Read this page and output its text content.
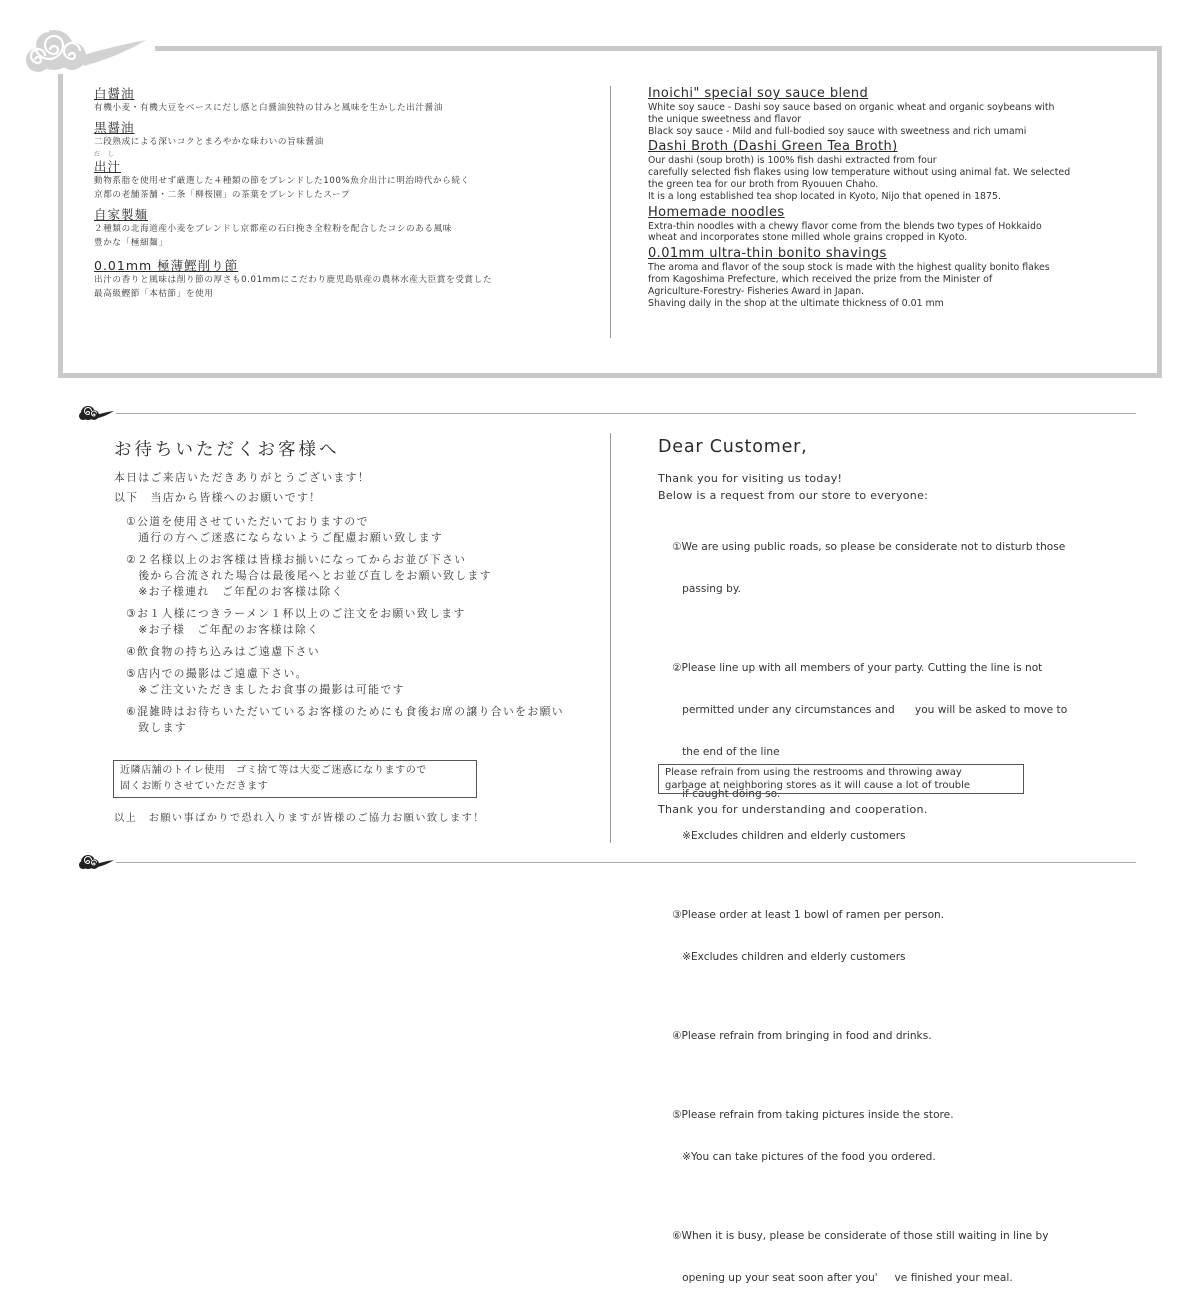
白醤油

有機小麦・有機大豆をベースにだし感と白醤油独特の甘みと風味を生かした出汁醤油

黒醤油

二段熟成による深いコクとまろやかな味わいの旨味醤油

だし

出汁

動物系脂を使用せず厳選した４種類の節をブレンドした100%魚介出汁に明治時代から続く

京都の老舗茶舗・二条「柳桜園」の茶葉をブレンドしたスープ

自家製麺

２種類の北海道産小麦をブレンドし京都産の石臼挽き全粒粉を配合したコシのある風味

豊かな「極細麺」

0.01mm 極薄鰹削り節

出汁の香りと風味は削り節の厚さも0.01mmにこだわり鹿児島県産の農林水産大臣賞を受賞した

最高級鰹節「本枯節」を使用

Inoichi" special soy sauce blend

White soy sauce - Dashi soy sauce based on organic wheat and organic soybeans with

the unique sweetness and flavor

Black soy sauce - Mild and full-bodied soy sauce with sweetness and rich umami

Dashi Broth (Dashi Green Tea Broth)

Our dashi (soup broth) is 100% fish dashi extracted from four

carefully selected fish flakes using low temperature without using animal fat. We selected

the green tea for our broth from Ryouuen Chaho.

It is a long established tea shop located in Kyoto, Nijo that opened in 1875.

Homemade noodles

Extra-thin noodles with a chewy flavor come from the blends two types of Hokkaido

wheat and incorporates stone milled whole grains cropped in Kyoto.

0.01mm ultra-thin bonito shavings

The aroma and flavor of the soup stock is made with the highest quality bonito flakes

from Kagoshima Prefecture, which received the prize from the Minister of

Agriculture-Forestry- Fisheries Award in Japan.

Shaving daily in the shop at the ultimate thickness of 0.01 mm

お待ちいただくお客様へ
本日はご来店いただきありがとうございます！
以下　当店から皆様へのお願いです！
①公道を使用させていただいておりますので
　通行の方へご迷惑にならないようご配慮お願い致します
②２名様以上のお客様は皆様お揃いになってからお並び下さい
　後から合流された場合は最後尾へとお並び直しをお願い致します
　※お子様連れ　ご年配のお客様は除く
③お１人様につきラーメン１杯以上のご注文をお願い致します
　※お子様　ご年配のお客様は除く
④飲食物の持ち込みはご遠慮下さい
⑤店内での撮影はご遠慮下さい。
　※ご注文いただきましたお食事の撮影は可能です
⑥混雑時はお待ちいただいているお客様のためにも食後お席の譲り合いをお願い
　致します
近隣店舗のトイレ使用　ゴミ捨て等は大変ご迷惑になりますので
固くお断りさせていただきます
以上　お願い事ばかりで恐れ入りますが皆様のご協力お願い致します！
Dear Customer,
Thank you for visiting us today!
Below is a request from our store to everyone:

①We are using public roads, so please be considerate not to disturb those

passing by.

②Please line up with all members of your party. Cutting the line is not

permitted under any circumstances and      you will be asked to move to

the end of the line

if caught doing so.

※Excludes children and elderly customers

③Please order at least 1 bowl of ramen per person.

※Excludes children and elderly customers

④Please refrain from bringing in food and drinks.

⑤Please refrain from taking pictures inside the store.

※You can take pictures of the food you ordered.

⑥When it is busy, please be considerate of those still waiting in line by

opening up your seat soon after you'     ve finished your meal.

Please refrain from using the restrooms and throwing away
garbage at neighboring stores as it will cause a lot of trouble
Thank you for understanding and cooperation.
